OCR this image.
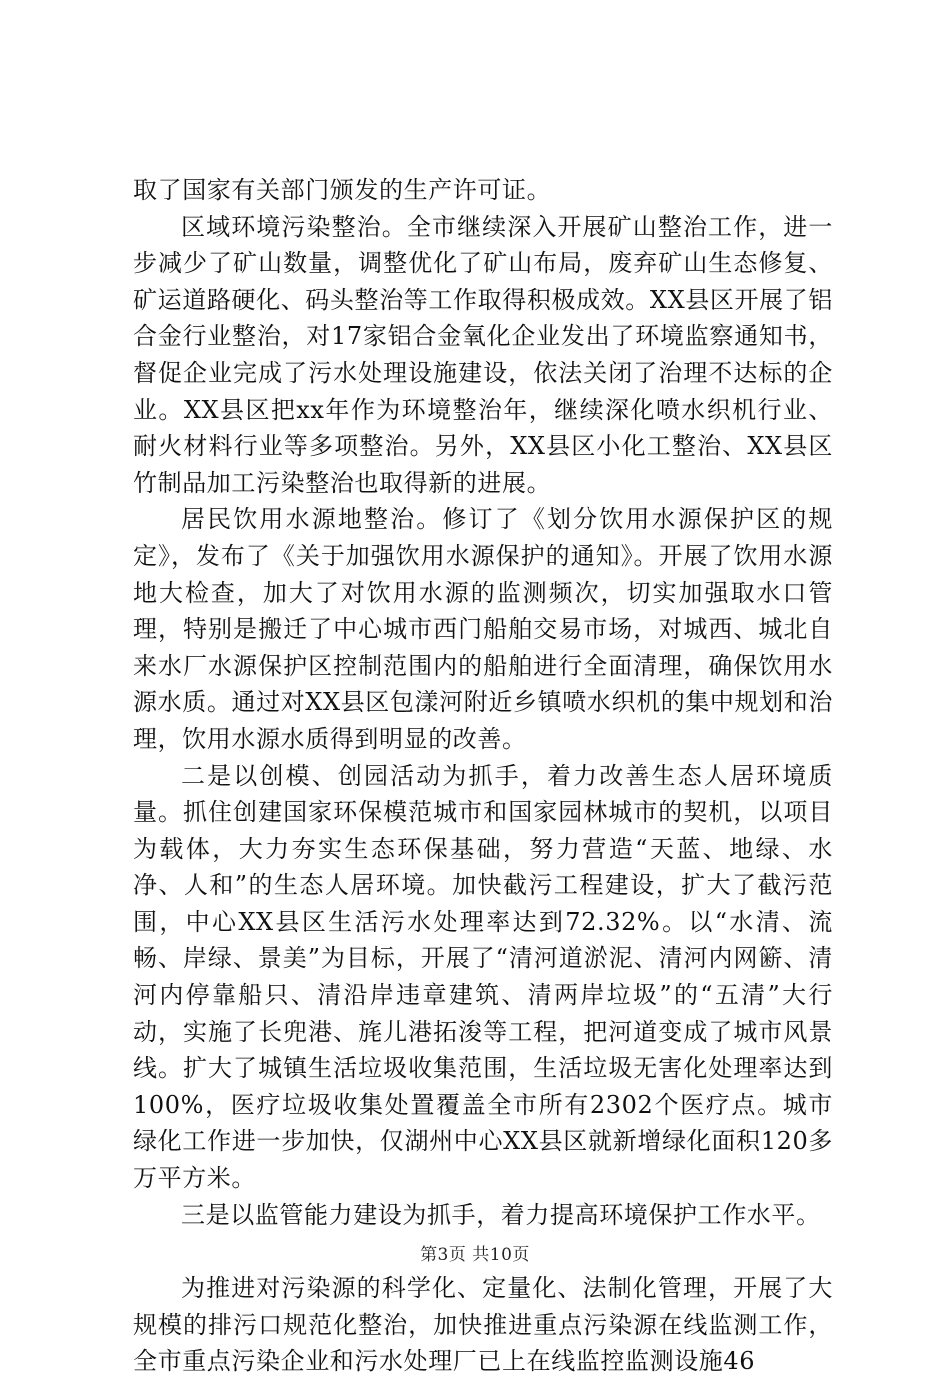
取了国家有关部门颁发的生产许可证。

区域环境污染整治。全市继续深入开展矿山整治工作，进一步减少了矿山数量，调整优化了矿山布局，废弃矿山生态修复、矿运道路硬化、码头整治等工作取得积极成效。XX县区开展了铝合金行业整治，对17家铝合金氧化企业发出了环境监察通知书，督促企业完成了污水处理设施建设，依法关闭了治理不达标的企业。XX县区把xx年作为环境整治年，继续深化喷水织机行业、耐火材料行业等多项整治。另外，XX县区小化工整治、XX县区竹制品加工污染整治也取得新的进展。

居民饮用水源地整治。修订了《划分饮用水源保护区的规定》，发布了《关于加强饮用水源保护的通知》。开展了饮用水源地大检查，加大了对饮用水源的监测频次，切实加强取水口管理，特别是搬迁了中心城市西门船舶交易市场，对城西、城北自来水厂水源保护区控制范围内的船舶进行全面清理，确保饮用水源水质。通过对XX县区包漾河附近乡镇喷水织机的集中规划和治理，饮用水源水质得到明显的改善。

二是以创模、创园活动为抓手，着力改善生态人居环境质量。抓住创建国家环保模范城市和国家园林城市的契机，以项目为载体，大力夯实生态环保基础，努力营造“天蓝、地绿、水净、人和”的生态人居环境。加快截污工程建设，扩大了截污范围，中心XX县区生活污水处理率达到72.32%。以“水清、流畅、岸绿、景美”为目标，开展了“清河道淤泥、清河内网簖、清河内停靠船只、清沿岸违章建筑、清两岸垃圾”的“五清”大行动，实施了长兜港、旄儿港拓浚等工程，把河道变成了城市风景线。扩大了城镇生活垃圾收集范围，生活垃圾无害化处理率达到100%，医疗垃圾收集处置覆盖全市所有2302个医疗点。城市绿化工作进一步加快，仅湖州中心XX县区就新增绿化面积120多万平方米。

三是以监管能力建设为抓手，着力提高环境保护工作水平。

为推进对污染源的科学化、定量化、法制化管理，开展了大规模的排污口规范化整治，加快推进重点污染源在线监测工作，全市重点污染企业和污水处理厂已上在线监控监测设施46

第3页 共10页
